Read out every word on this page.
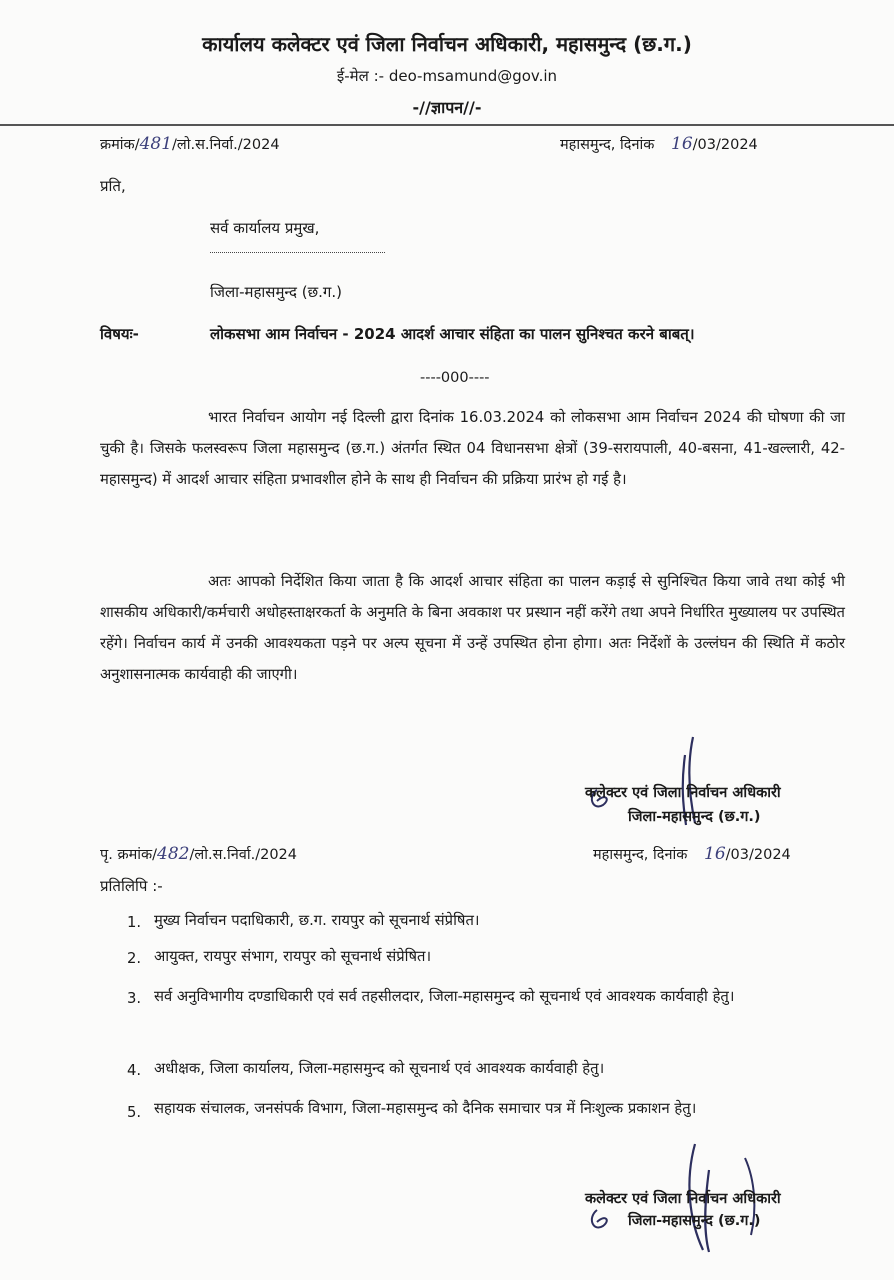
कार्यालय कलेक्टर एवं जिला निर्वाचन अधिकारी, महासमुन्द (छ.ग.)
ई-मेल :- deo-msamund@gov.in
-//ज्ञापन//-
क्रमांक/481/लो.स.निर्वा./2024	महासमुन्द, दिनांक 16/03/2024
प्रति,
सर्व कार्यालय प्रमुख,
जिला-महासमुन्द (छ.ग.)
विषयः-	लोकसभा आम निर्वाचन - 2024 आदर्श आचार संहिता का पालन सुनिश्चत करने बाबत्।
----000----
भारत निर्वाचन आयोग नई दिल्ली द्वारा दिनांक 16.03.2024 को लोकसभा आम निर्वाचन 2024 की घोषणा की जा चुकी है। जिसके फलस्वरूप जिला महासमुन्द (छ.ग.) अंतर्गत स्थित 04 विधानसभा क्षेत्रों (39-सरायपाली, 40-बसना, 41-खल्लारी, 42-महासमुन्द) में आदर्श आचार संहिता प्रभावशील होने के साथ ही निर्वाचन की प्रक्रिया प्रारंभ हो गई है।
अतः आपको निर्देशित किया जाता है कि आदर्श आचार संहिता का पालन कड़ाई से सुनिश्चित किया जावे तथा कोई भी शासकीय अधिकारी/कर्मचारी अधोहस्ताक्षरकर्ता के अनुमति के बिना अवकाश पर प्रस्थान नहीं करेंगे तथा अपने निर्धारित मुख्यालय पर उपस्थित रहेंगे। निर्वाचन कार्य में उनकी आवश्यकता पड़ने पर अल्प सूचना में उन्हें उपस्थित होना होगा। अतः निर्देशों के उल्लंघन की स्थिति में कठोर अनुशासनात्मक कार्यवाही की जाएगी।
कलेक्टर एवं जिला निर्वाचन अधिकारी
जिला-महासमुन्द (छ.ग.)
पृ. क्रमांक/482/लो.स.निर्वा./2024	महासमुन्द, दिनांक 16/03/2024
प्रतिलिपि :-
1. मुख्य निर्वाचन पदाधिकारी, छ.ग. रायपुर को सूचनार्थ संप्रेषित।
2. आयुक्त, रायपुर संभाग, रायपुर को सूचनार्थ संप्रेषित।
3. सर्व अनुविभागीय दण्डाधिकारी एवं सर्व तहसीलदार, जिला-महासमुन्द को सूचनार्थ एवं आवश्यक कार्यवाही हेतु।
4. अधीक्षक, जिला कार्यालय, जिला-महासमुन्द को सूचनार्थ एवं आवश्यक कार्यवाही हेतु।
5. सहायक संचालक, जनसंपर्क विभाग, जिला-महासमुन्द को दैनिक समाचार पत्र में निःशुल्क प्रकाशन हेतु।
कलेक्टर एवं जिला निर्वाचन अधिकारी
जिला-महासमुन्द (छ.ग.)
